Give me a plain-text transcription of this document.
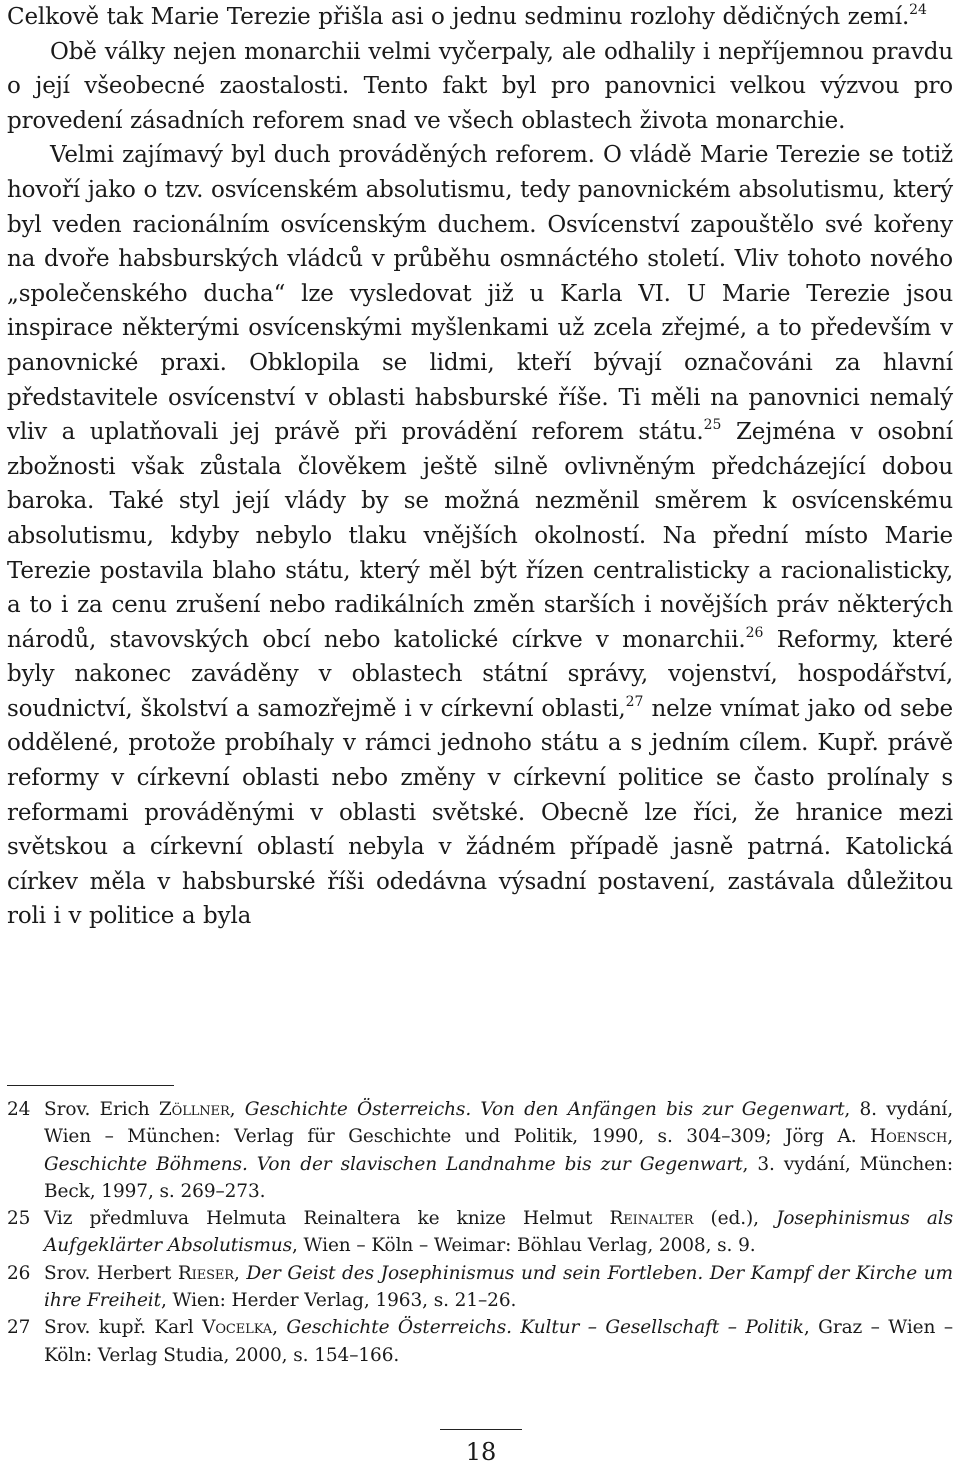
Celkově tak Marie Terezie přišla asi o jednu sedminu rozlohy dědičných zemí.$^{24}$

Obě války nejen monarchii velmi vyčerpaly, ale odhalily i nepříjemnou pravdu o její všeobecné zaostalosti. Tento fakt byl pro panovnici velkou výzvou pro provedení zásadních reforem snad ve všech oblastech života monarchie.

Velmi zajímavý byl duch prováděných reforem. O vládě Marie Terezie se totiž hovoří jako o tzv. osvícenském absolutismu, tedy panovnickém absolutismu, který byl veden racionálním osvícenským duchem. Osvícenství zapouštělo své kořeny na dvoře habsburských vládců v průběhu osmnáctého století. Vliv tohoto nového „společenského ducha“ lze vysledovat již u Karla VI. U Marie Terezie jsou inspirace některými osvícenskými myšlenkami už zcela zřejmé, a to především v panovnické praxi. Obklopila se lidmi, kteří bývají označováni za hlavní představitele osvícenství v oblasti habsburské říše. Ti měli na panovnici nemalý vliv a uplatňovali jej právě při provádění reforem státu.$^{25}$ Zejména v osobní zbožnosti však zůstala člověkem ještě silně ovlivněným předcházející dobou baroka. Také styl její vlády by se možná nezměnil směrem k osvícenskému absolutismu, kdyby nebylo tlaku vnějších okolností. Na přední místo Marie Terezie postavila blaho státu, který měl být řízen centralisticky a racionalisticky, a to i za cenu zrušení nebo radikálních změn starších i novějších práv některých národů, stavovských obcí nebo katolické církve v monarchii.$^{26}$ Reformy, které byly nakonec zaváděny v oblastech státní správy, vojenství, hospodářství, soudnictví, školství a samozřejmě i v církevní oblasti,$^{27}$ nelze vnímat jako od sebe oddělené, protože probíhaly v rámci jednoho státu a s jedním cílem. Kupř. právě reformy v církevní oblasti nebo změny v církevní politice se často prolínaly s reformami prováděnými v oblasti světské. Obecně lze říci, že hranice mezi světskou a církevní oblastí nebyla v žádném případě jasně patrná. Katolická církev měla v habsburské říši odedávna výsadní postavení, zastávala důležitou roli i v politice a byla

24 Srov. Erich Zöllner, Geschichte Österreichs. Von den Anfängen bis zur Gegenwart, 8. vydání, Wien – München: Verlag für Geschichte und Politik, 1990, s. 304–309; Jörg A. Hoensch, Geschichte Böhmens. Von der slavischen Landnahme bis zur Gegenwart, 3. vydání, München: Beck, 1997, s. 269–273.

25 Viz předmluva Helmuta Reinaltera ke knize Helmut Reinalter (ed.), Josephinismus als Aufgeklärter Absolutismus, Wien – Köln – Weimar: Böhlau Verlag, 2008, s. 9.

26 Srov. Herbert Rieser, Der Geist des Josephinismus und sein Fortleben. Der Kampf der Kirche um ihre Freiheit, Wien: Herder Verlag, 1963, s. 21–26.

27 Srov. kupř. Karl Vocelka, Geschichte Österreichs. Kultur – Gesellschaft – Politik, Graz – Wien – Köln: Verlag Studia, 2000, s. 154–166.

18
